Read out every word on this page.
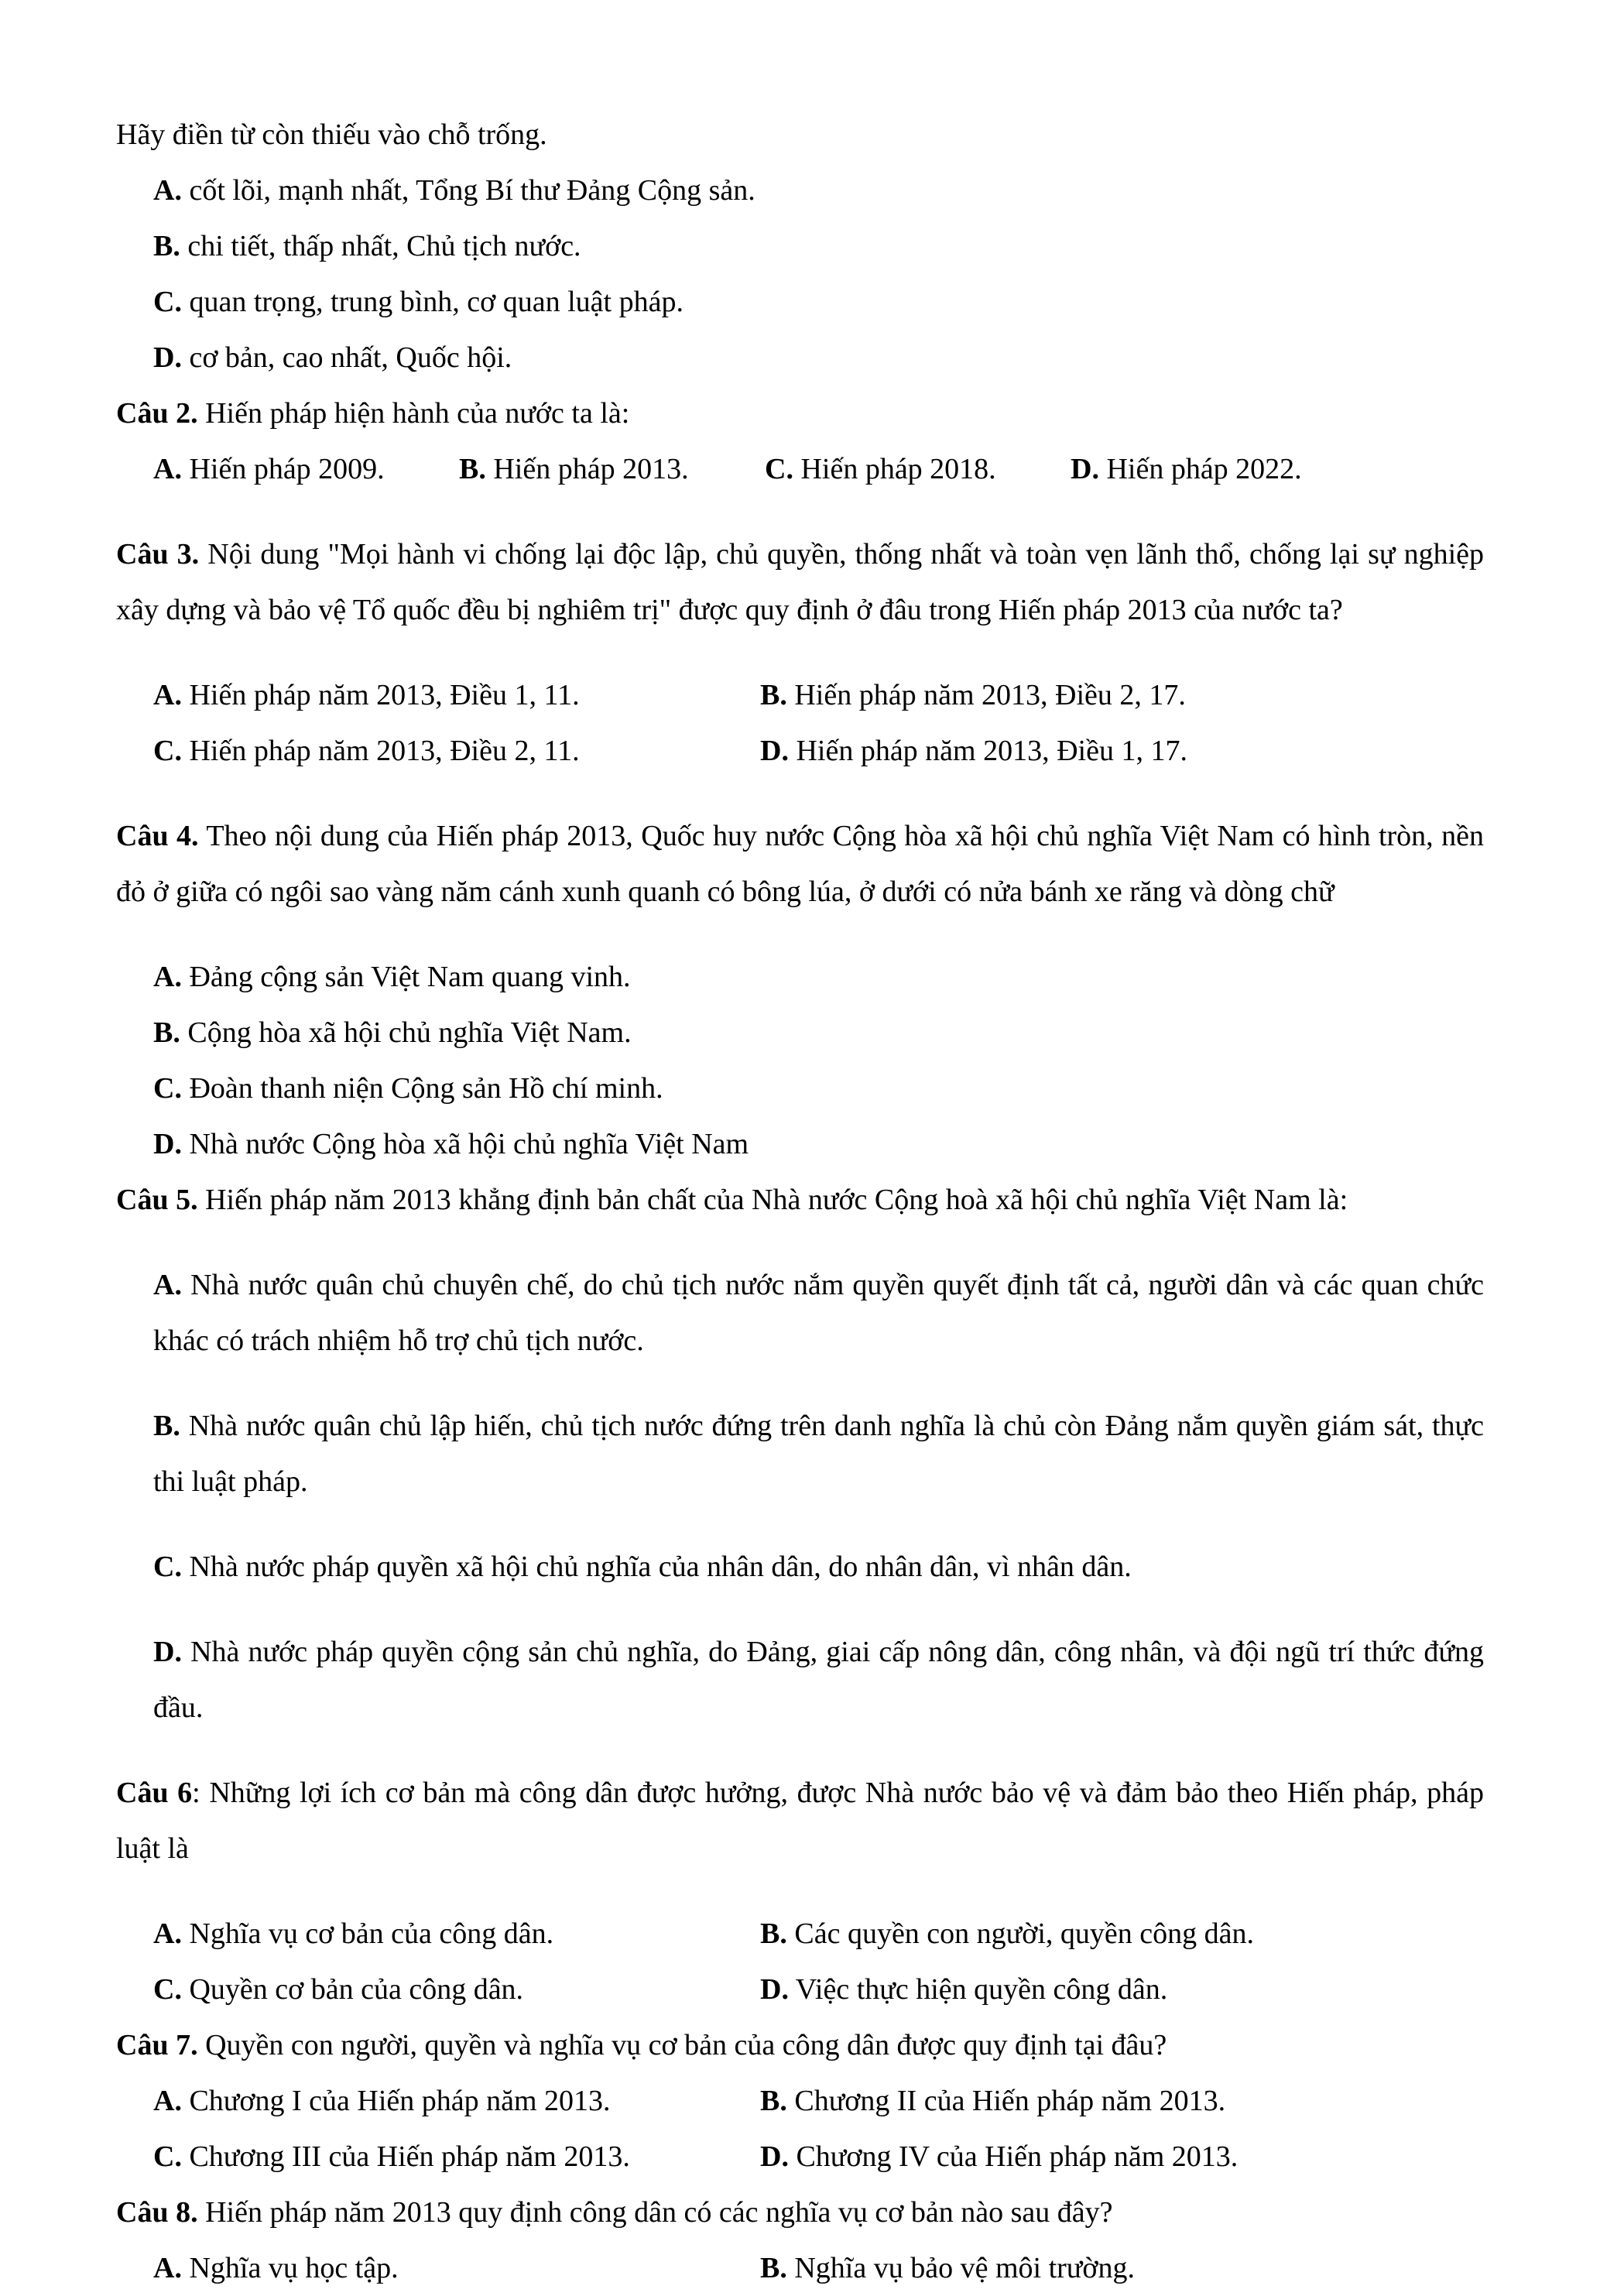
Hãy điền từ còn thiếu vào chỗ trống.

A. cốt lõi, mạnh nhất, Tổng Bí thư Đảng Cộng sản.

B. chi tiết, thấp nhất, Chủ tịch nước.

C. quan trọng, trung bình, cơ quan luật pháp.

D. cơ bản, cao nhất, Quốc hội.

Câu 2. Hiến pháp hiện hành của nước ta là:

A. Hiến pháp 2009.	B. Hiến pháp 2013.	C. Hiến pháp 2018.	D. Hiến pháp 2022.

Câu 3. Nội dung "Mọi hành vi chống lại độc lập, chủ quyền, thống nhất và toàn vẹn lãnh thổ, chống lại sự nghiệp xây dựng và bảo vệ Tổ quốc đều bị nghiêm trị" được quy định ở đâu trong Hiến pháp 2013 của nước ta?

A. Hiến pháp năm 2013, Điều 1, 11.	B. Hiến pháp năm 2013, Điều 2, 17.
C. Hiến pháp năm 2013, Điều 2, 11.	D. Hiến pháp năm 2013, Điều 1, 17.

Câu 4. Theo nội dung của Hiến pháp 2013, Quốc huy nước Cộng hòa xã hội chủ nghĩa Việt Nam có hình tròn, nền đỏ ở giữa có ngôi sao vàng năm cánh xunh quanh có bông lúa, ở dưới có nửa bánh xe răng và dòng chữ

A. Đảng cộng sản Việt Nam quang vinh.

B. Cộng hòa xã hội chủ nghĩa Việt Nam.

C. Đoàn thanh niện Cộng sản Hồ chí minh.

D. Nhà nước Cộng hòa xã hội chủ nghĩa Việt Nam

Câu 5. Hiến pháp năm 2013 khẳng định bản chất của Nhà nước Cộng hoà xã hội chủ nghĩa Việt Nam là:

A. Nhà nước quân chủ chuyên chế, do chủ tịch nước nắm quyền quyết định tất cả, người dân và các quan chức khác có trách nhiệm hỗ trợ chủ tịch nước.

B. Nhà nước quân chủ lập hiến, chủ tịch nước đứng trên danh nghĩa là chủ còn Đảng nắm quyền giám sát, thực thi luật pháp.

C. Nhà nước pháp quyền xã hội chủ nghĩa của nhân dân, do nhân dân, vì nhân dân.

D. Nhà nước pháp quyền cộng sản chủ nghĩa, do Đảng, giai cấp nông dân, công nhân, và đội ngũ trí thức đứng đầu.

Câu 6: Những lợi ích cơ bản mà công dân được hưởng, được Nhà nước bảo vệ và đảm bảo theo Hiến pháp, pháp luật là

A. Nghĩa vụ cơ bản của công dân.	B. Các quyền con người, quyền công dân.
C. Quyền cơ bản của công dân.	D. Việc thực hiện quyền công dân.

Câu 7. Quyền con người, quyền và nghĩa vụ cơ bản của công dân được quy định tại đâu?

A. Chương I của Hiến pháp năm 2013.	B. Chương II của Hiến pháp năm 2013.
C. Chương III của Hiến pháp năm 2013.	D. Chương IV của Hiến pháp năm 2013.

Câu 8. Hiến pháp năm 2013 quy định công dân có các nghĩa vụ cơ bản nào sau đây?

A. Nghĩa vụ học tập.	B. Nghĩa vụ bảo vệ môi trường.
